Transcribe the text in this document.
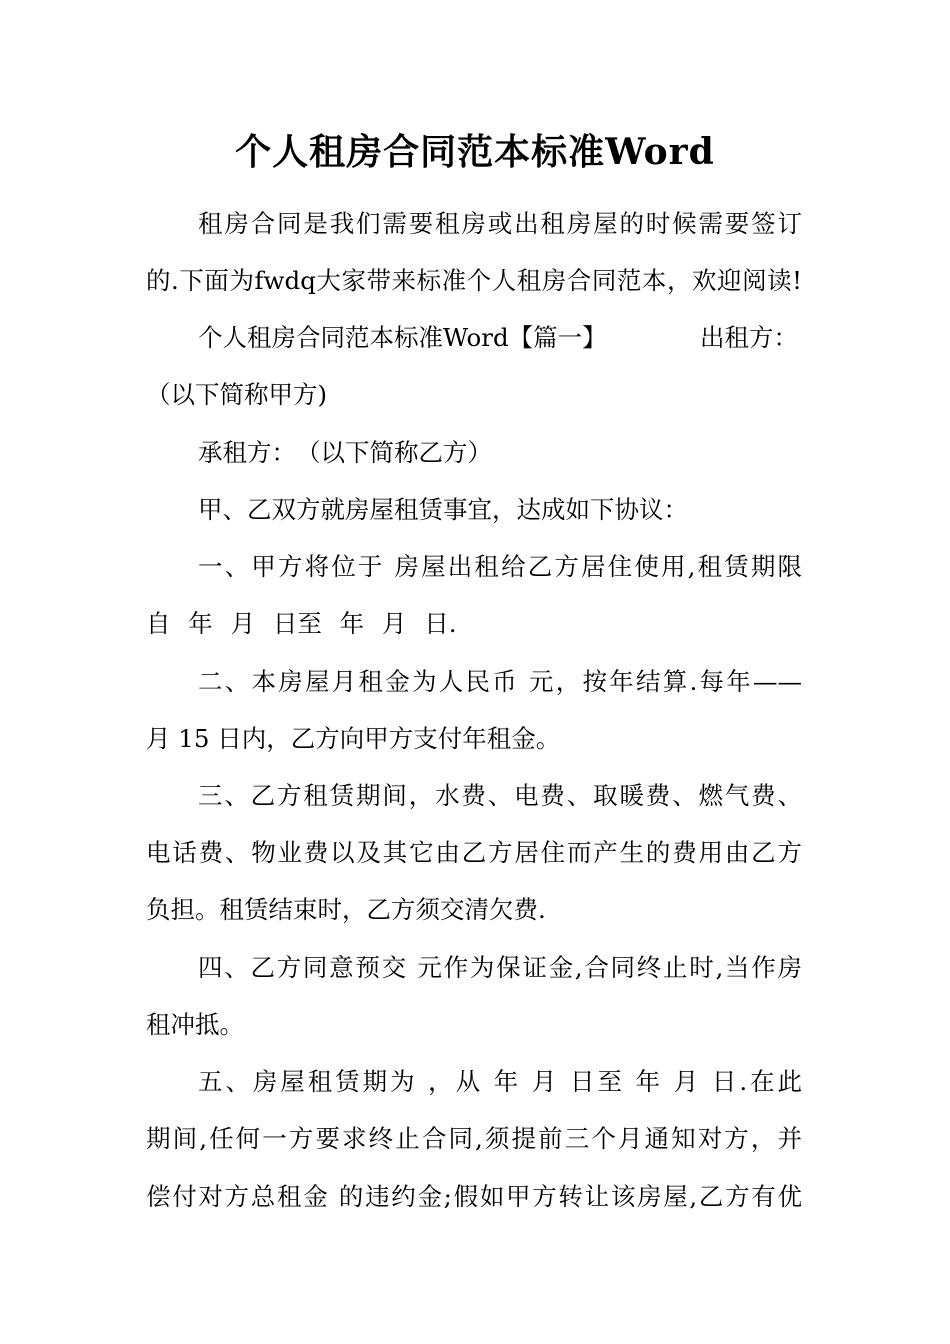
个人租房合同范本标准Word
租房合同是我们需要租房或出租房屋的时候需要签订
的.下面为fwdq大家带来标准个人租房合同范本，欢迎阅读!
个人租房合同范本标准Word【篇一】	出租方：
（以下简称甲方)
承租方：　（以下简称乙方）
甲、乙双方就房屋租赁事宜，达成如下协议：
一、甲方将位于 房屋出租给乙方居住使用,租赁期限
自 年 月 日至 年 月 日.
二、本房屋月租金为人民币 元，按年结算.每年——
月 15 日内，乙方向甲方支付年租金。
三、乙方租赁期间，水费、电费、取暖费、燃气费、
电话费、物业费以及其它由乙方居住而产生的费用由乙方
负担。租赁结束时，乙方须交清欠费.
四、乙方同意预交 元作为保证金,合同终止时,当作房
租冲抵。
五、房屋租赁期为 ，从 年 月 日至 年 月 日.在此
期间,任何一方要求终止合同,须提前三个月通知对方，并
偿付对方总租金 的违约金;假如甲方转让该房屋,乙方有优
